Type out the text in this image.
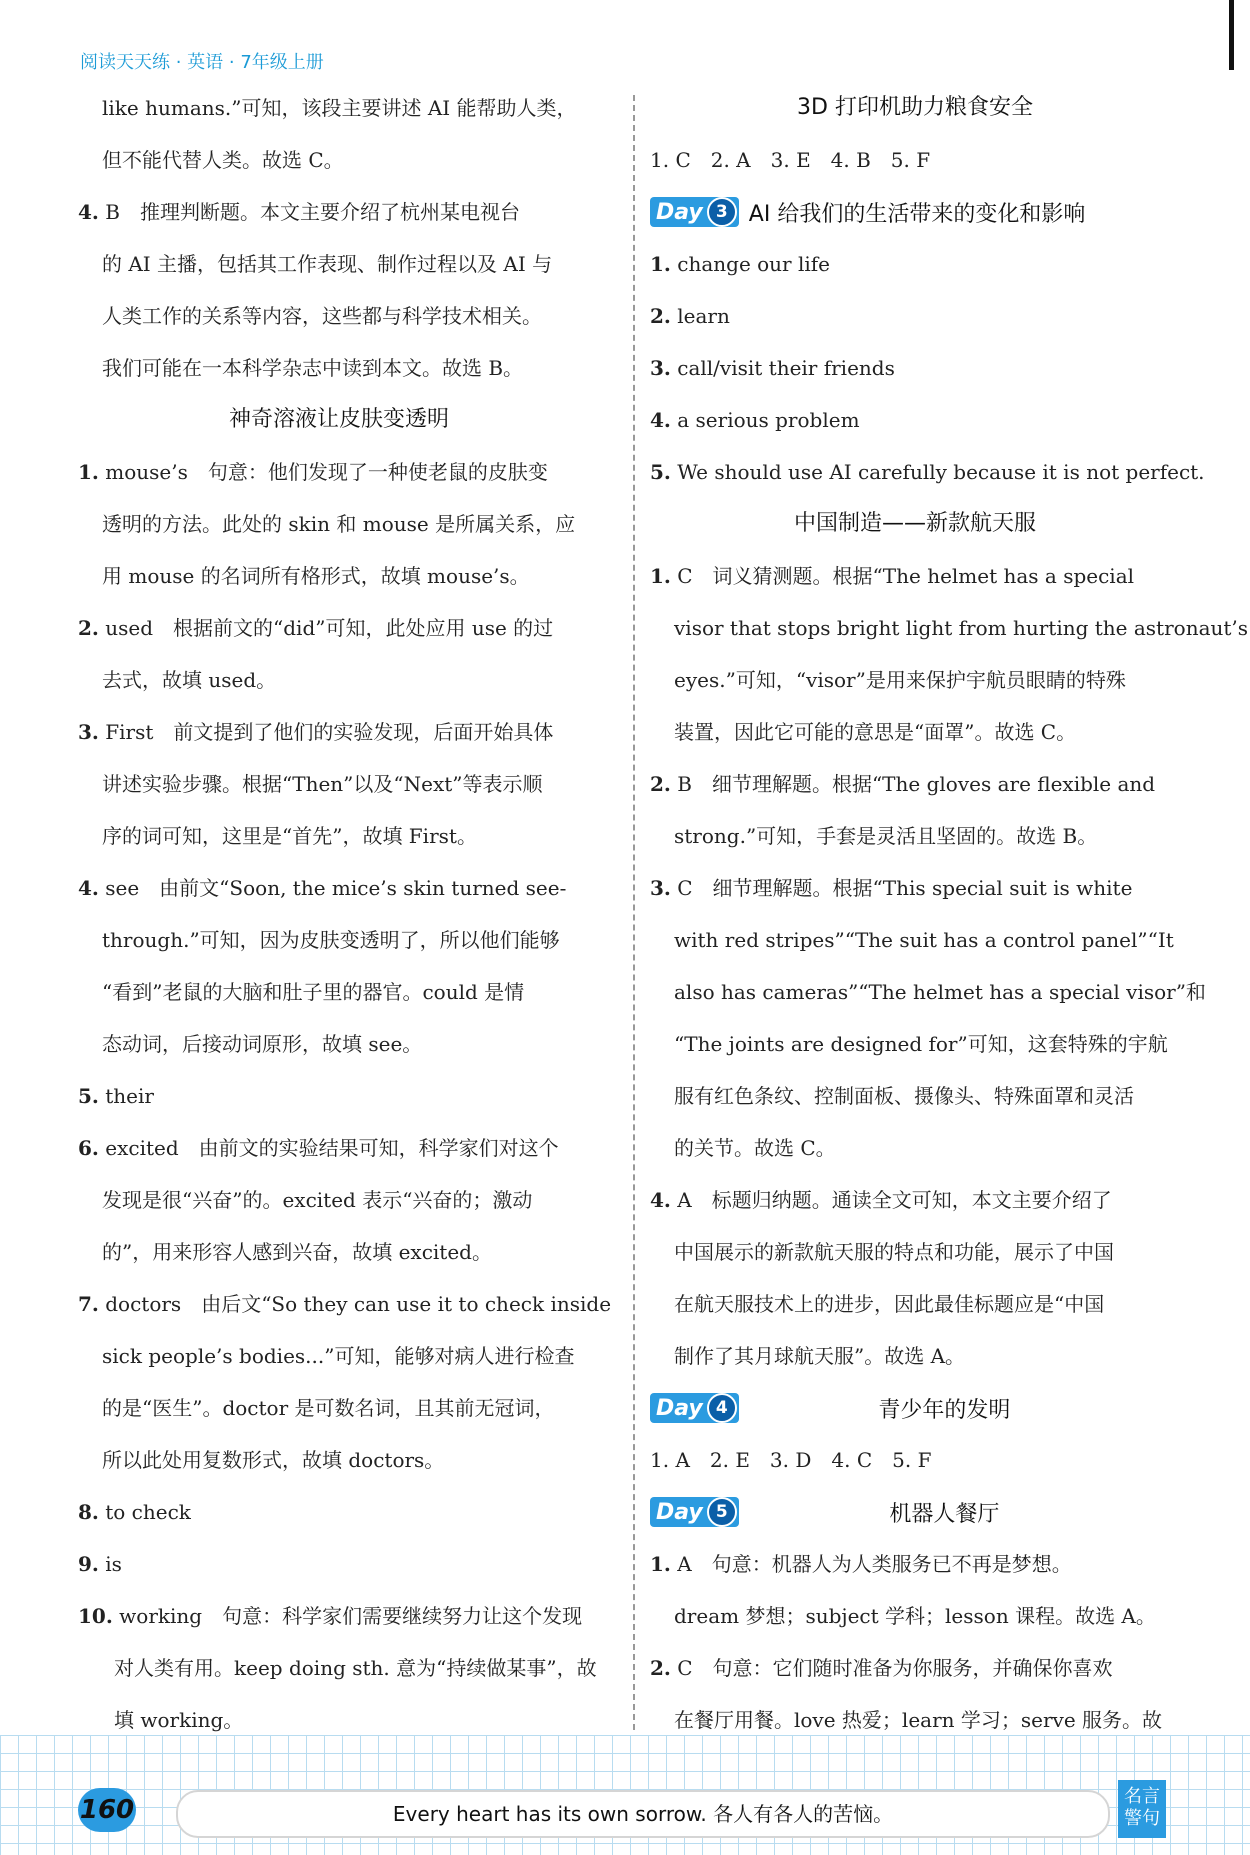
阅读天天练 · 英语 · 7年级上册
like humans.”可知，该段主要讲述 AI 能帮助人类，
但不能代替人类。故选 C。
4. B　推理判断题。本文主要介绍了杭州某电视台
的 AI 主播，包括其工作表现、制作过程以及 AI 与
人类工作的关系等内容，这些都与科学技术相关。
我们可能在一本科学杂志中读到本文。故选 B。
神奇溶液让皮肤变透明
1. mouse’s　句意：他们发现了一种使老鼠的皮肤变
透明的方法。此处的 skin 和 mouse 是所属关系，应
用 mouse 的名词所有格形式，故填 mouse’s。
2. used　根据前文的“did”可知，此处应用 use 的过
去式，故填 used。
3. First　前文提到了他们的实验发现，后面开始具体
讲述实验步骤。根据“Then”以及“Next”等表示顺
序的词可知，这里是“首先”，故填 First。
4. see　由前文“Soon, the mice’s skin turned see-
through.”可知，因为皮肤变透明了，所以他们能够
“看到”老鼠的大脑和肚子里的器官。could 是情
态动词，后接动词原形，故填 see。
5. their
6. excited　由前文的实验结果可知，科学家们对这个
发现是很“兴奋”的。excited 表示“兴奋的；激动
的”，用来形容人感到兴奋，故填 excited。
7. doctors　由后文“So they can use it to check inside
sick people’s bodies...”可知，能够对病人进行检查
的是“医生”。doctor 是可数名词，且其前无冠词，
所以此处用复数形式，故填 doctors。
8. to check
9. is
10. working　句意：科学家们需要继续努力让这个发现
对人类有用。keep doing sth. 意为“持续做某事”，故
填 working。
3D 打印机助力粮食安全
1. C　2. A　3. E　4. B　5. F
Day 3 AI 给我们的生活带来的变化和影响
1. change our life
2. learn
3. call/visit their friends
4. a serious problem
5. We should use AI carefully because it is not perfect.
中国制造——新款航天服
1. C　词义猜测题。根据“The helmet has a special
visor that stops bright light from hurting the astronaut’s
eyes.”可知，“visor”是用来保护宇航员眼睛的特殊
装置，因此它可能的意思是“面罩”。故选 C。
2. B　细节理解题。根据“The gloves are flexible and
strong.”可知，手套是灵活且坚固的。故选 B。
3. C　细节理解题。根据“This special suit is white
with red stripes”“The suit has a control panel”“It
also has cameras”“The helmet has a special visor”和
“The joints are designed for”可知，这套特殊的宇航
服有红色条纹、控制面板、摄像头、特殊面罩和灵活
的关节。故选 C。
4. A　标题归纳题。通读全文可知，本文主要介绍了
中国展示的新款航天服的特点和功能，展示了中国
在航天服技术上的进步，因此最佳标题应是“中国
制作了其月球航天服”。故选 A。
Day 4	青少年的发明
1. A　2. E　3. D　4. C　5. F
Day 5	机器人餐厅
1. A　句意：机器人为人类服务已不再是梦想。
dream 梦想；subject 学科；lesson 课程。故选 A。
2. C　句意：它们随时准备为你服务，并确保你喜欢
在餐厅用餐。love 热爱；learn 学习；serve 服务。故
160	Every heart has its own sorrow. 各人有各人的苦恼。
名言
警句
